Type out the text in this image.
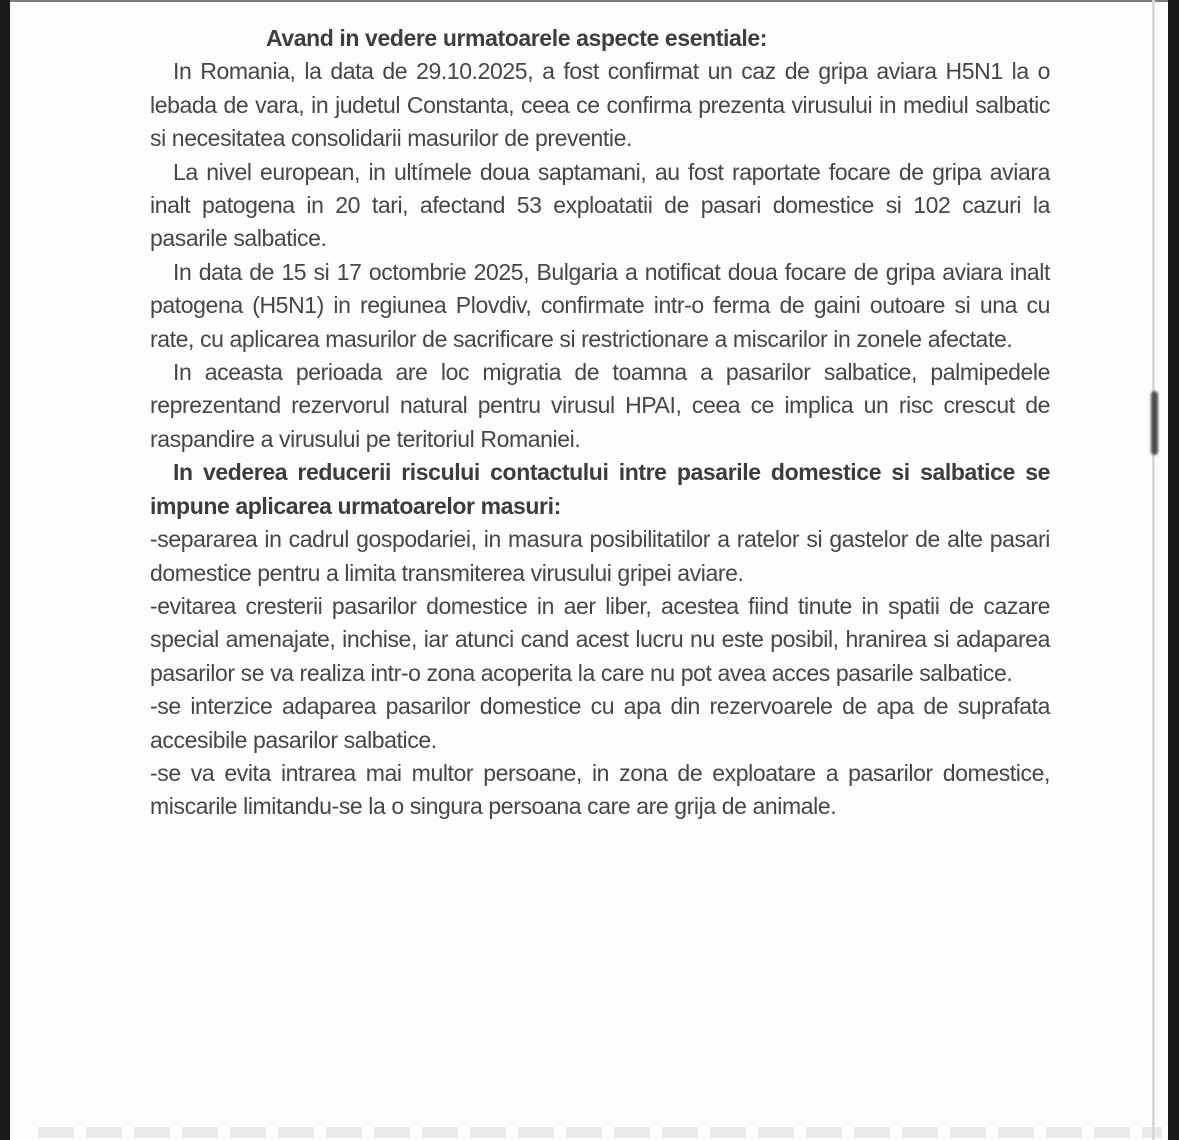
Avand in vedere urmatoarele aspecte esentiale:

In Romania, la data de 29.10.2025, a fost confirmat un caz de gripa aviara H5N1 la o lebada de vara, in judetul Constanta, ceea ce confirma prezenta virusului in mediul salbatic si necesitatea consolidarii masurilor de preventie.

La nivel european, in ultímele doua saptamani, au fost raportate focare de gripa aviara inalt patogena in 20 tari, afectand 53 exploatatii de pasari domestice si 102 cazuri la pasarile salbatice.

In data de 15 si 17 octombrie 2025, Bulgaria a notificat doua focare de gripa aviara inalt patogena (H5N1) in regiunea Plovdiv, confirmate intr-o ferma de gaini outoare si una cu rate, cu aplicarea masurilor de sacrificare si restrictionare a miscarilor in zonele afectate.

In aceasta perioada are loc migratia de toamna a pasarilor salbatice, palmipedele reprezentand rezervorul natural pentru virusul HPAI, ceea ce implica un risc crescut de raspandire a virusului pe teritoriul Romaniei.

In vederea reducerii riscului contactului intre pasarile domestice si salbatice se impune aplicarea urmatoarelor masuri:

-separarea in cadrul gospodariei, in masura posibilitatilor a ratelor si gastelor de alte pasari domestice pentru a limita transmiterea virusului gripei aviare.

-evitarea cresterii pasarilor domestice in aer liber, acestea fiind tinute in spatii de cazare special amenajate, inchise, iar atunci cand acest lucru nu este posibil, hranirea si adaparea pasarilor se va realiza intr-o zona acoperita la care nu pot avea acces pasarile salbatice.

-se interzice adaparea pasarilor domestice cu apa din rezervoarele de apa de suprafata accesibile pasarilor salbatice.

-se va evita intrarea mai multor persoane, in zona de exploatare a pasarilor domestice, miscarile limitandu-se la o singura persoana care are grija de animale.
